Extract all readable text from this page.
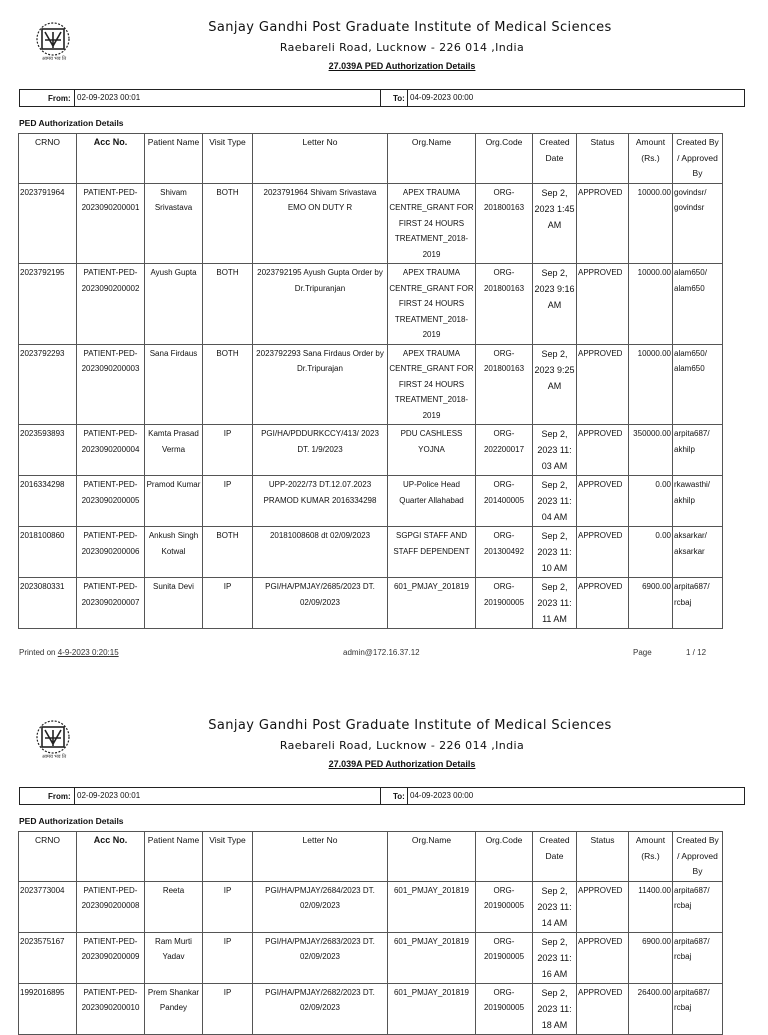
आमय भव ति
Sanjay Gandhi Post Graduate Institute of Medical Sciences
Raebareli Road, Lucknow - 226 014 ,India
27.039A PED Authorization Details
From: 02-09-2023 00:01	To: 04-09-2023 00:00
PED Authorization Details
CRNO	Acc No.	Patient Name	Visit Type	Letter No	Org.Name	Org.Code	Created Date	Status	Amount (Rs.)	Created By / Approved By
2023791964	PATIENT-PED-2023090200001	Shivam Srivastava	BOTH	2023791964 Shivam Srivastava EMO ON DUTY R	APEX TRAUMA CENTRE_GRANT FOR FIRST 24 HOURS TREATMENT_2018-2019	ORG-201800163	Sep 2, 2023 1:45 AM	APPROVED	10000.00	govindsr/ govindsr
2023792195	PATIENT-PED-2023090200002	Ayush Gupta	BOTH	2023792195 Ayush Gupta Order by Dr.Tripuranjan	APEX TRAUMA CENTRE_GRANT FOR FIRST 24 HOURS TREATMENT_2018-2019	ORG-201800163	Sep 2, 2023 9:16 AM	APPROVED	10000.00	alam650/ alam650
2023792293	PATIENT-PED-2023090200003	Sana Firdaus	BOTH	2023792293 Sana Firdaus Order by Dr.Tripurajan	APEX TRAUMA CENTRE_GRANT FOR FIRST 24 HOURS TREATMENT_2018-2019	ORG-201800163	Sep 2, 2023 9:25 AM	APPROVED	10000.00	alam650/ alam650
2023593893	PATIENT-PED-2023090200004	Kamta Prasad Verma	IP	PGI/HA/PDDURKCCY/413/ 2023 DT. 1/9/2023	PDU CASHLESS YOJNA	ORG-202200017	Sep 2, 2023 11: 03 AM	APPROVED	350000.00	arpita687/ akhilp
2016334298	PATIENT-PED-2023090200005	Pramod Kumar	IP	UPP-2022/73 DT.12.07.2023 PRAMOD KUMAR 2016334298	UP-Police Head Quarter Allahabad	ORG-201400005	Sep 2, 2023 11: 04 AM	APPROVED	0.00	rkawasthi/ akhilp
2018100860	PATIENT-PED-2023090200006	Ankush Singh Kotwal	BOTH	20181008608 dt 02/09/2023	SGPGI STAFF AND STAFF DEPENDENT	ORG-201300492	Sep 2, 2023 11: 10 AM	APPROVED	0.00	aksarkar/ aksarkar
2023080331	PATIENT-PED-2023090200007	Sunita Devi	IP	PGI/HA/PMJAY/2685/2023 DT. 02/09/2023	601_PMJAY_201819	ORG-201900005	Sep 2, 2023 11: 11 AM	APPROVED	6900.00	arpita687/ rcbaj
Printed on 4-9-2023 0:20:15	admin@172.16.37.12	Page	1 / 12
आमय भव ति
Sanjay Gandhi Post Graduate Institute of Medical Sciences
Raebareli Road, Lucknow - 226 014 ,India
27.039A PED Authorization Details
From: 02-09-2023 00:01	To: 04-09-2023 00:00
PED Authorization Details
CRNO	Acc No.	Patient Name	Visit Type	Letter No	Org.Name	Org.Code	Created Date	Status	Amount (Rs.)	Created By / Approved By
2023773004	PATIENT-PED-2023090200008	Reeta	IP	PGI/HA/PMJAY/2684/2023 DT. 02/09/2023	601_PMJAY_201819	ORG-201900005	Sep 2, 2023 11: 14 AM	APPROVED	11400.00	arpita687/ rcbaj
2023575167	PATIENT-PED-2023090200009	Ram Murti Yadav	IP	PGI/HA/PMJAY/2683/2023 DT. 02/09/2023	601_PMJAY_201819	ORG-201900005	Sep 2, 2023 11: 16 AM	APPROVED	6900.00	arpita687/ rcbaj
1992016895	PATIENT-PED-2023090200010	Prem Shankar Pandey	IP	PGI/HA/PMJAY/2682/2023 DT. 02/09/2023	601_PMJAY_201819	ORG-201900005	Sep 2, 2023 11: 18 AM	APPROVED	26400.00	arpita687/ rcbaj
